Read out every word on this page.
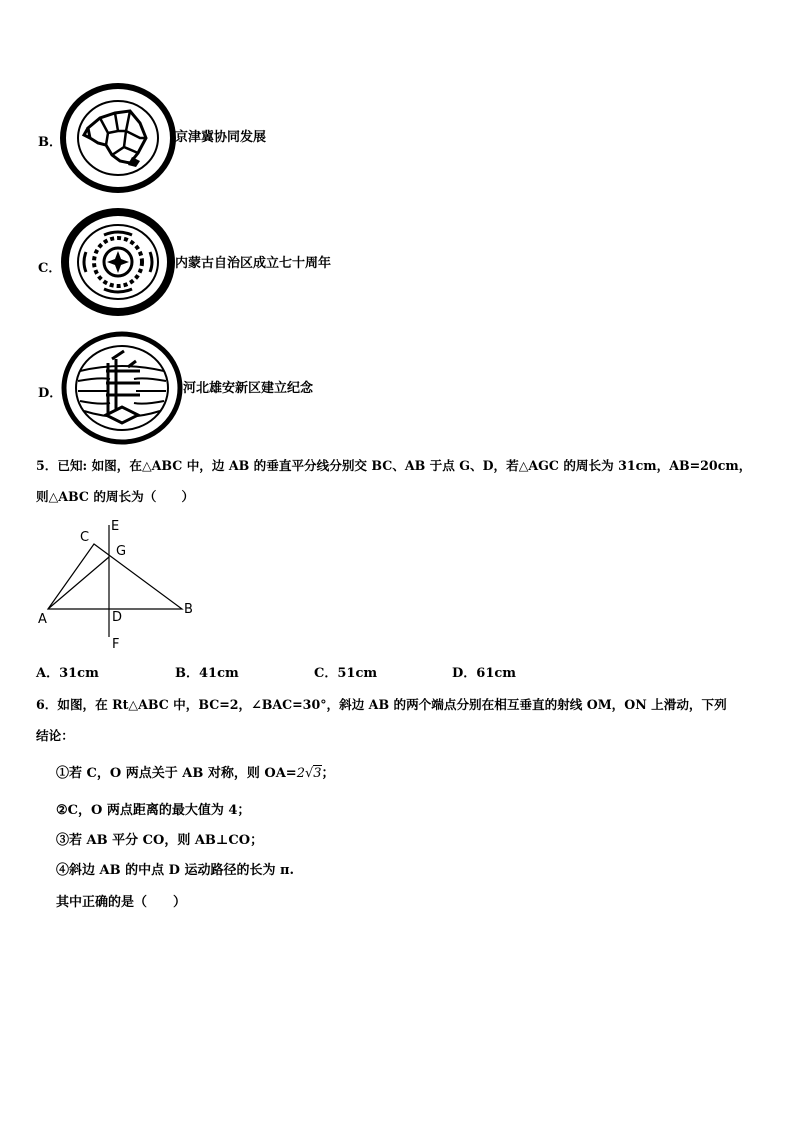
B．	京津冀协同发展
C．	内蒙古自治区成立七十周年
D．	河北雄安新区建立纪念
5．已知: 如图，在△ABC 中，边 AB 的垂直平分线分别交 BC、AB 于点 G、D，若△AGC 的周长为 31cm，AB=20cm，
则△ABC 的周长为（　　）
C
E
G
A	D
B
F
A．31cm	B．41cm	C．51cm	D．61cm
6．如图，在 Rt△ABC 中，BC=2，∠BAC=30°，斜边 AB 的两个端点分别在相互垂直的射线 OM，ON 上滑动，下列
结论：
①若 C，O 两点关于 AB 对称，则 OA=2√3；
②C，O 两点距离的最大值为 4；
③若 AB 平分 CO，则 AB⊥CO；
④斜边 AB 的中点 D 运动路径的长为 π.
其中正确的是（　　）
